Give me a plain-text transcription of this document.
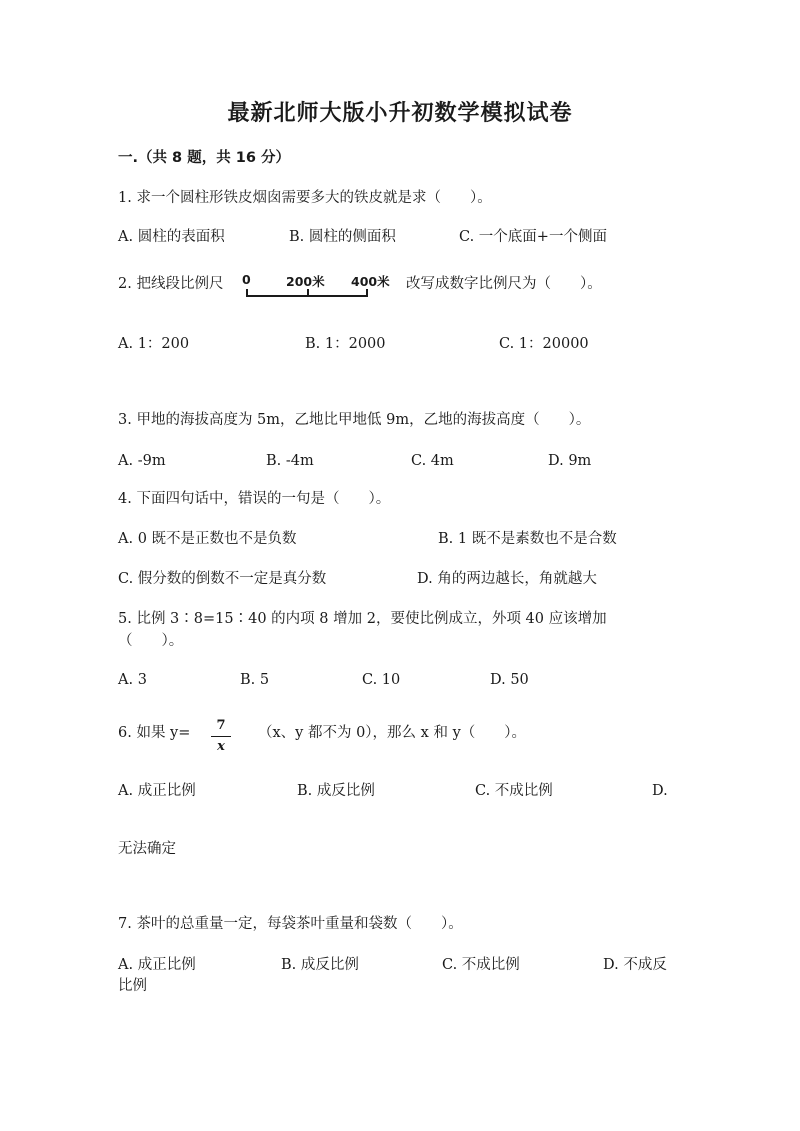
最新北师大版小升初数学模拟试卷
一.（共 8 题，共 16 分）
1. 求一个圆柱形铁皮烟囱需要多大的铁皮就是求（　　）。
A. 圆柱的表面积	B. 圆柱的侧面积	C. 一个底面+一个侧面
2. 把线段比例尺 0	200米 400米 改写成数字比例尺为（　　）。
A. 1：200	B. 1：2000	C. 1：20000
3. 甲地的海拔高度为 5m，乙地比甲地低 9m，乙地的海拔高度（　　）。
A. -9m	B. -4m	C. 4m	D. 9m
4. 下面四句话中，错误的一句是（　　）。
A. 0 既不是正数也不是负数	B. 1 既不是素数也不是合数
C. 假分数的倒数不一定是真分数	D. 角的两边越长，角就越大
5. 比例 3∶8=15∶40 的内项 8 增加 2，要使比例成立，外项 40 应该增加
（　　）。
A. 3	B. 5	C. 10	D. 50
6. 如果 y=	7
x
（x、y 都不为 0），那么 x 和 y（　　）。
A. 成正比例	B. 成反比例	C. 不成比例	D.
无法确定
7. 茶叶的总重量一定，每袋茶叶重量和袋数（　　）。
A. 成正比例	B. 成反比例	C. 不成比例	D. 不成反
比例
